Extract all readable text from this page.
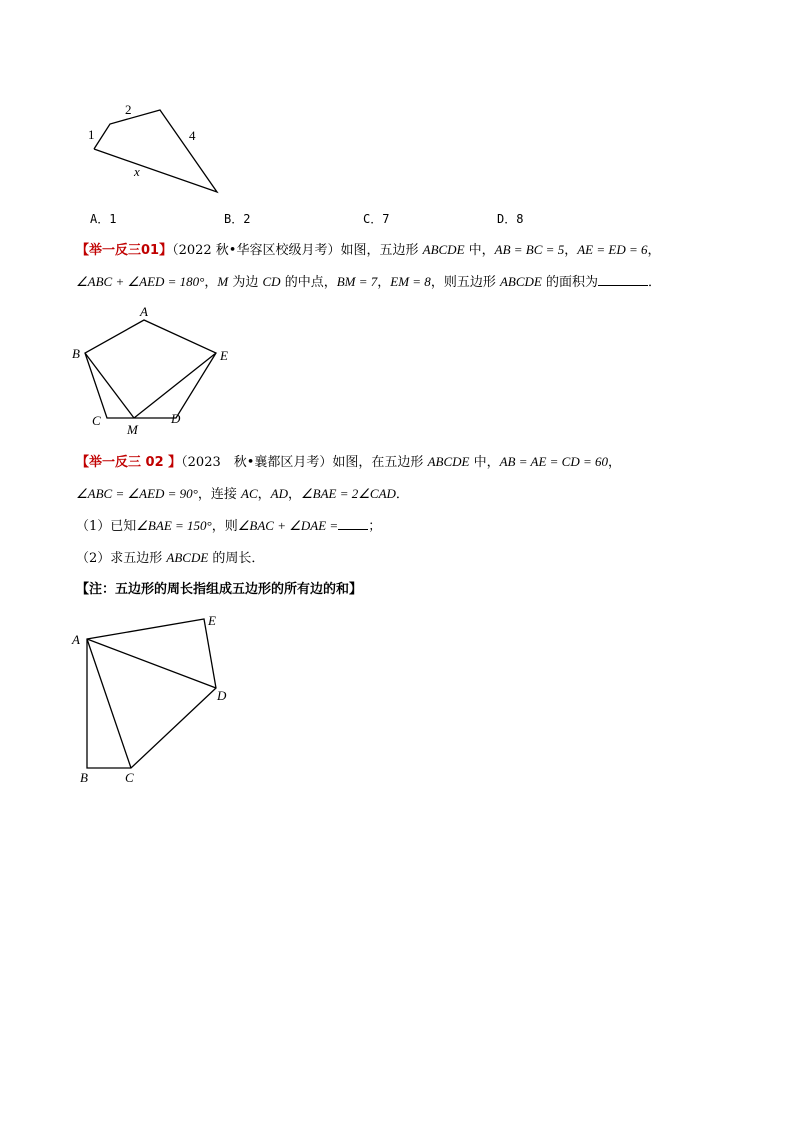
1
2
4
x
A．1	B．2	C．7	D．8
【举一反三01】（2022 秋•华容区校级月考）如图，五边形 ABCDE 中，AB = BC = 5，AE = ED = 6，
∠ABC + ∠AED = 180°，M 为边 CD 的中点，BM = 7，EM = 8，则五边形 ABCDE 的面积为	．
A
B
C	D
E
M
【举一反三 02 】（2023　秋•襄都区月考）如图，在五边形 ABCDE 中，AB = AE = CD = 60，
∠ABC = ∠AED = 90°，连接 AC，AD，∠BAE = 2∠CAD．
（1）已知∠BAE = 150°，则∠BAC + ∠DAE = ；
（2）求五边形 ABCDE 的周长．
【注：五边形的周长指组成五边形的所有边的和】
A
B	C
D
E
